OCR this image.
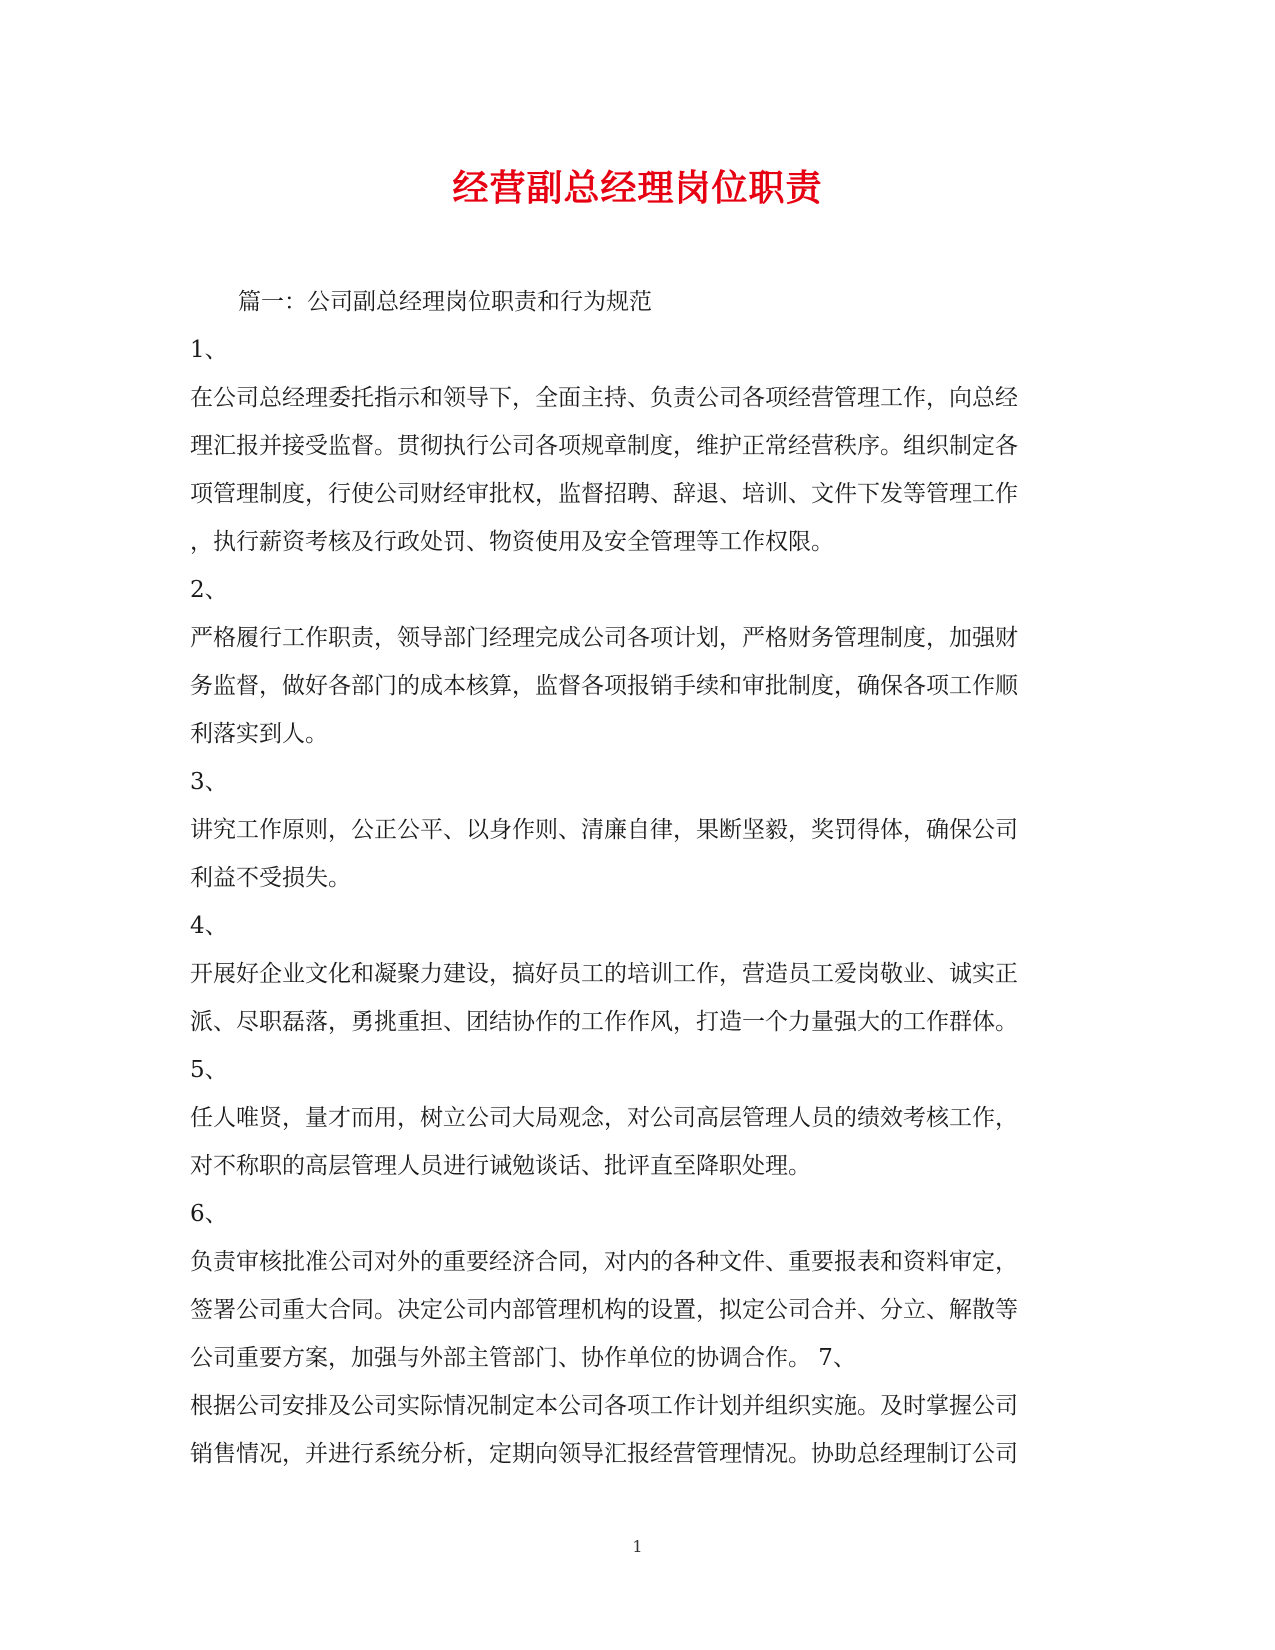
经营副总经理岗位职责
篇一：公司副总经理岗位职责和行为规范
1、
在公司总经理委托指示和领导下，全面主持、负责公司各项经营管理工作，向总经
理汇报并接受监督。贯彻执行公司各项规章制度，维护正常经营秩序。组织制定各
项管理制度，行使公司财经审批权，监督招聘、辞退、培训、文件下发等管理工作
，执行薪资考核及行政处罚、物资使用及安全管理等工作权限。
2、
严格履行工作职责，领导部门经理完成公司各项计划，严格财务管理制度，加强财
务监督，做好各部门的成本核算，监督各项报销手续和审批制度，确保各项工作顺
利落实到人。
3、
讲究工作原则，公正公平、以身作则、清廉自律，果断坚毅，奖罚得体，确保公司
利益不受损失。
4、
开展好企业文化和凝聚力建设，搞好员工的培训工作，营造员工爱岗敬业、诚实正
派、尽职磊落，勇挑重担、团结协作的工作作风，打造一个力量强大的工作群体。
5、
任人唯贤，量才而用，树立公司大局观念，对公司高层管理人员的绩效考核工作，
对不称职的高层管理人员进行诫勉谈话、批评直至降职处理。
6、
负责审核批准公司对外的重要经济合同，对内的各种文件、重要报表和资料审定，
签署公司重大合同。决定公司内部管理机构的设置，拟定公司合并、分立、解散等
公司重要方案，加强与外部主管部门、协作单位的协调合作。 7、
根据公司安排及公司实际情况制定本公司各项工作计划并组织实施。及时掌握公司
销售情况，并进行系统分析，定期向领导汇报经营管理情况。协助总经理制订公司
1
